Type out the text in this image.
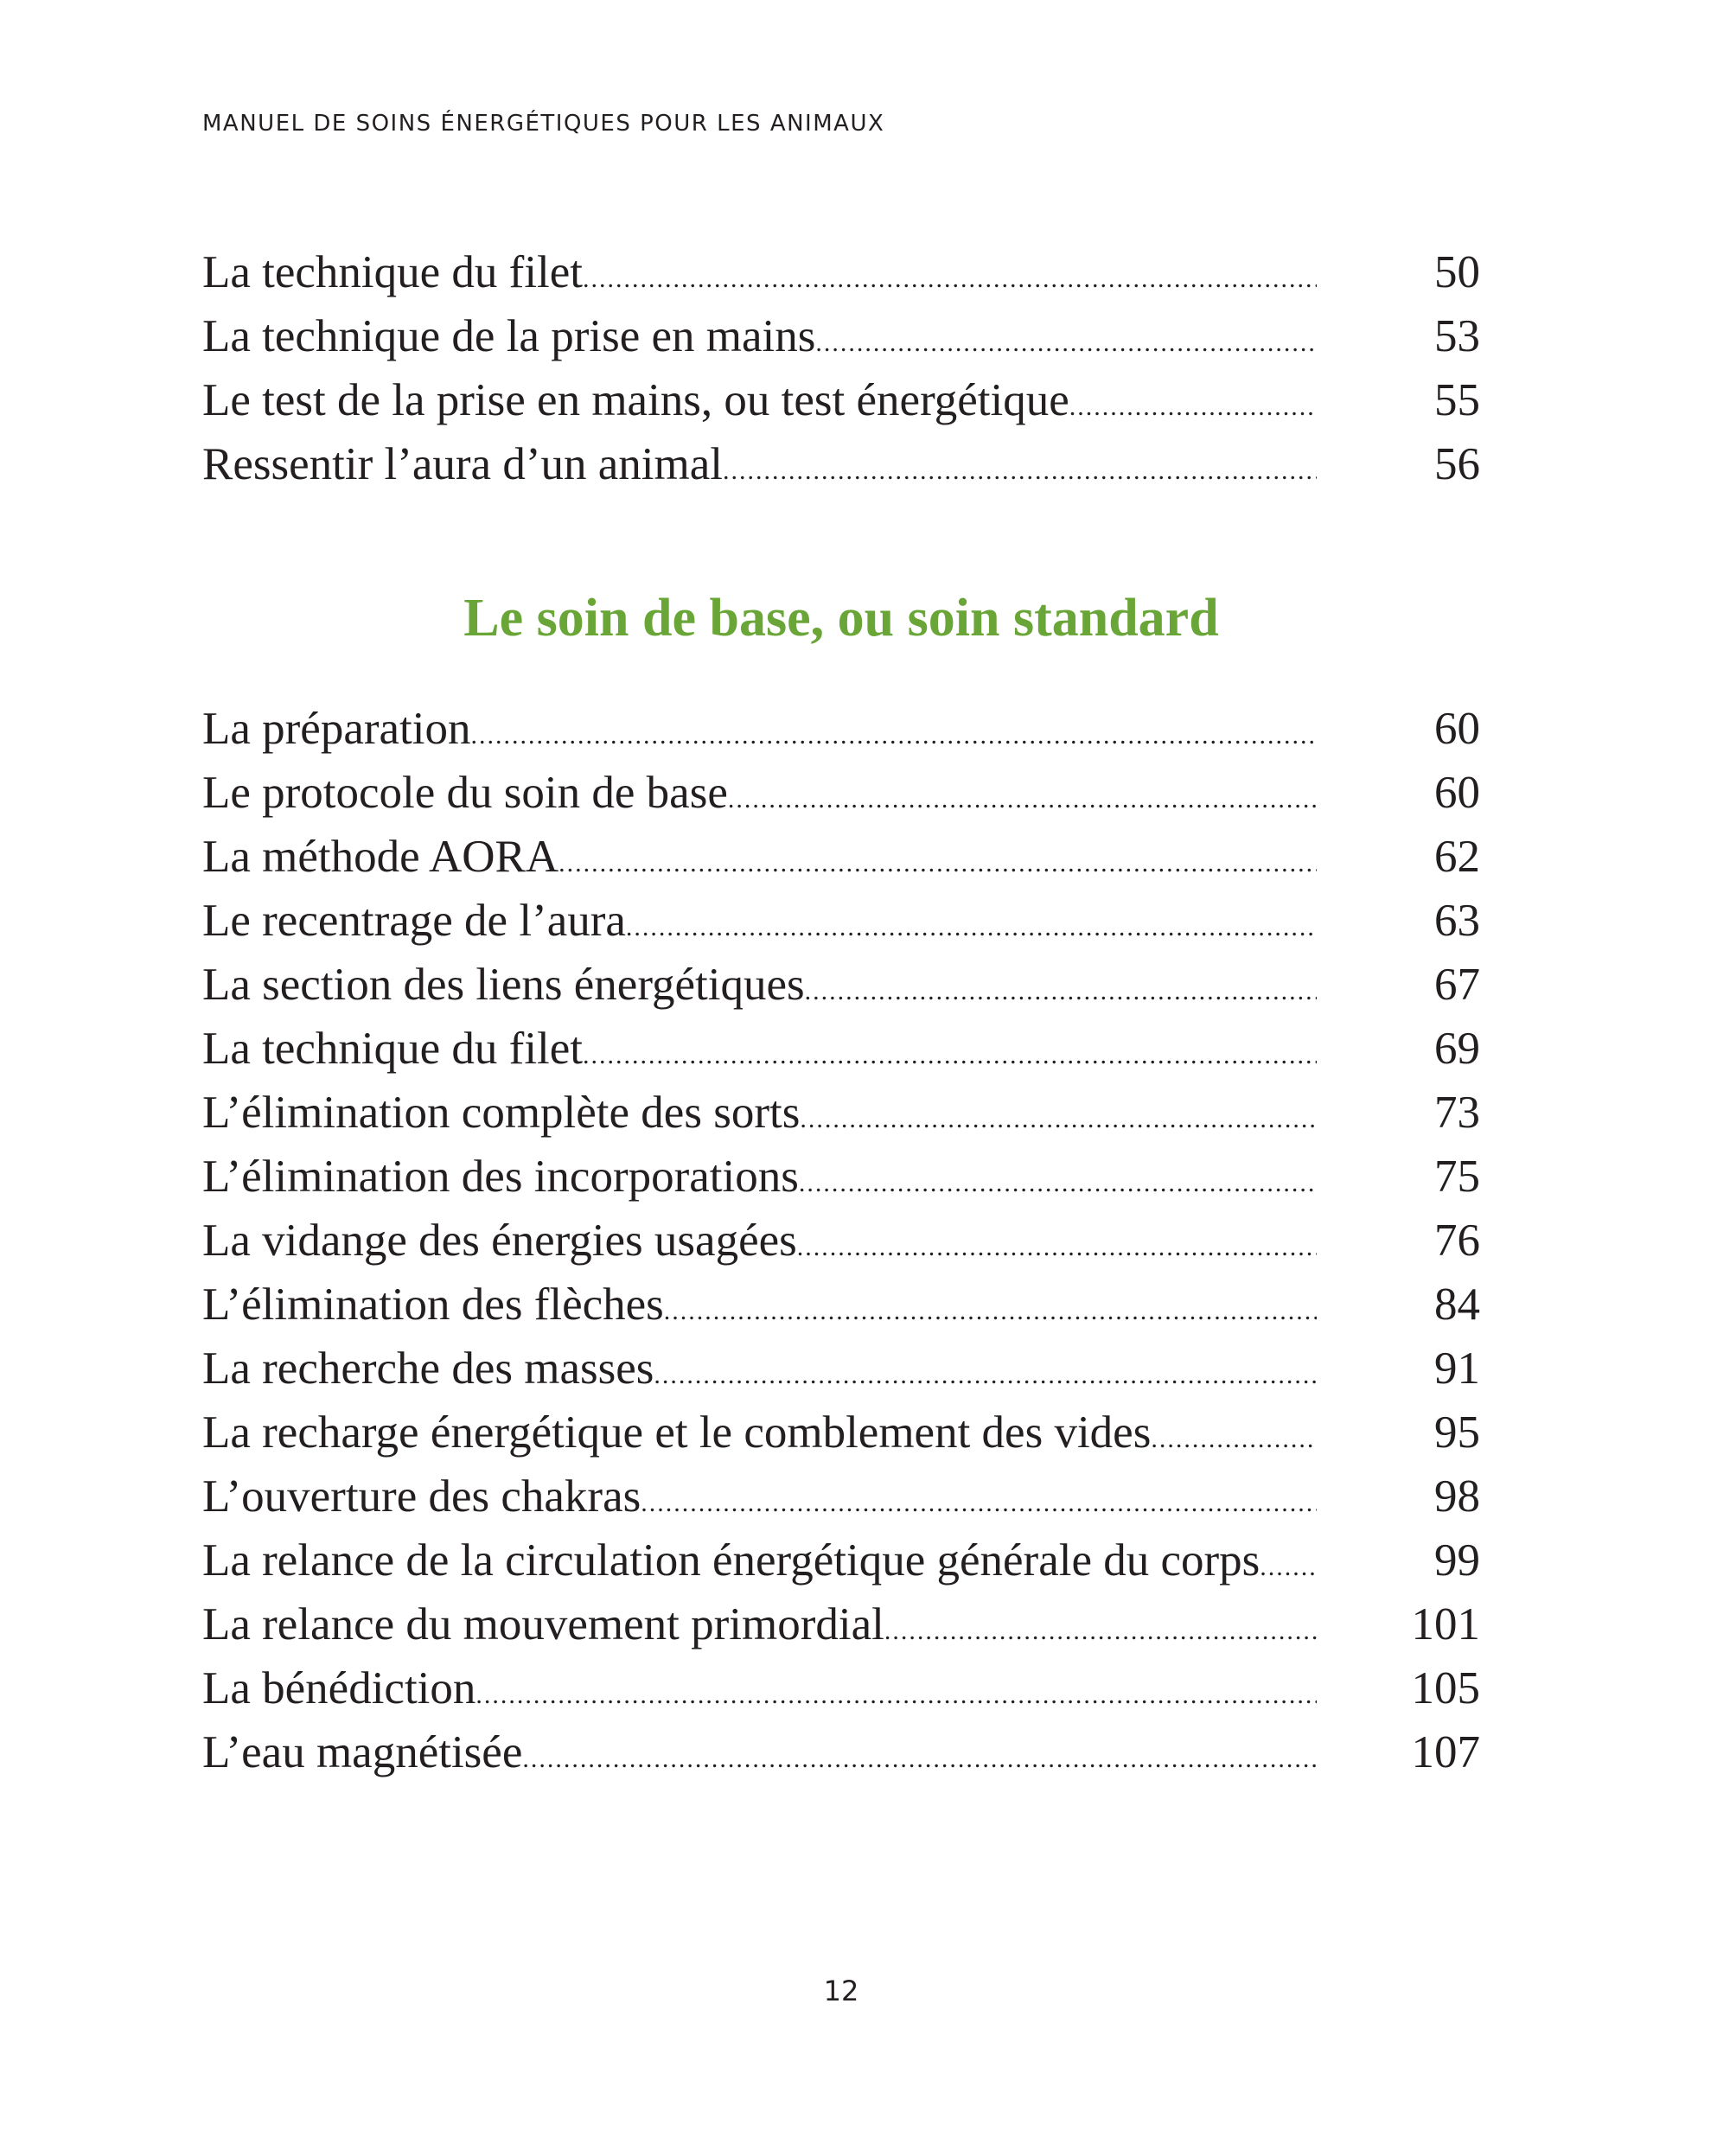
MANUEL DE SOINS ÉNERGÉTIQUES POUR LES ANIMAUX
La technique du filet .....	50
La technique de la prise en mains .....	53
Le test de la prise en mains, ou test énergétique .....	55
Ressentir l’aura d’un animal .....	56
Le soin de base, ou soin standard
La préparation .....	60
Le protocole du soin de base .....	60
La méthode AORA .....	62
Le recentrage de l’aura .....	63
La section des liens énergétiques .....	67
La technique du filet .....	69
L’élimination complète des sorts .....	73
L’élimination des incorporations .....	75
La vidange des énergies usagées .....	76
L’élimination des flèches .....	84
La recherche des masses .....	91
La recharge énergétique et le comblement des vides .....	95
L’ouverture des chakras .....	98
La relance de la circulation énergétique générale du corps .....	99
La relance du mouvement primordial .....	101
La bénédiction .....	105
L’eau magnétisée .....	107
12
